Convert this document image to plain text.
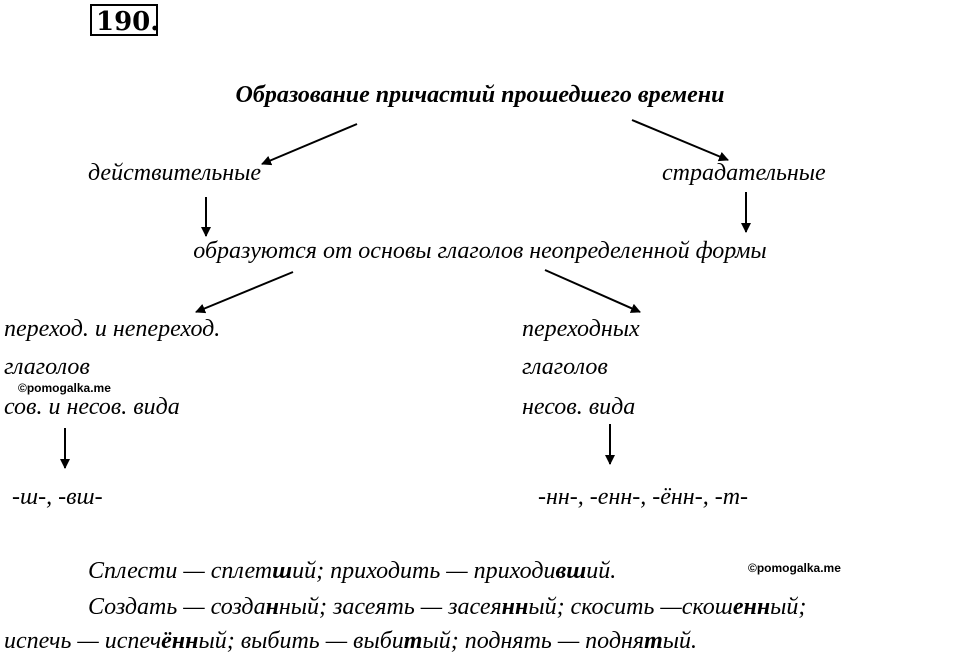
190.
Образование причастий прошедшего времени
действительные	страдательные
образуются от основы глаголов неопределенной формы
переход. и непереход.
глаголов
сов. и несов. вида
переходных
глаголов
несов. вида
©pomogalka.me
©pomogalka.me
-ш-, -вш-	-нн-, -енн-, -ённ-, -т-
Сплести — сплетший; приходить — приходивший.
Создать — созданный; засеять — засеянный; скосить —скошенный;
испечь — испечённый; выбить — выбитый; поднять — поднятый.
